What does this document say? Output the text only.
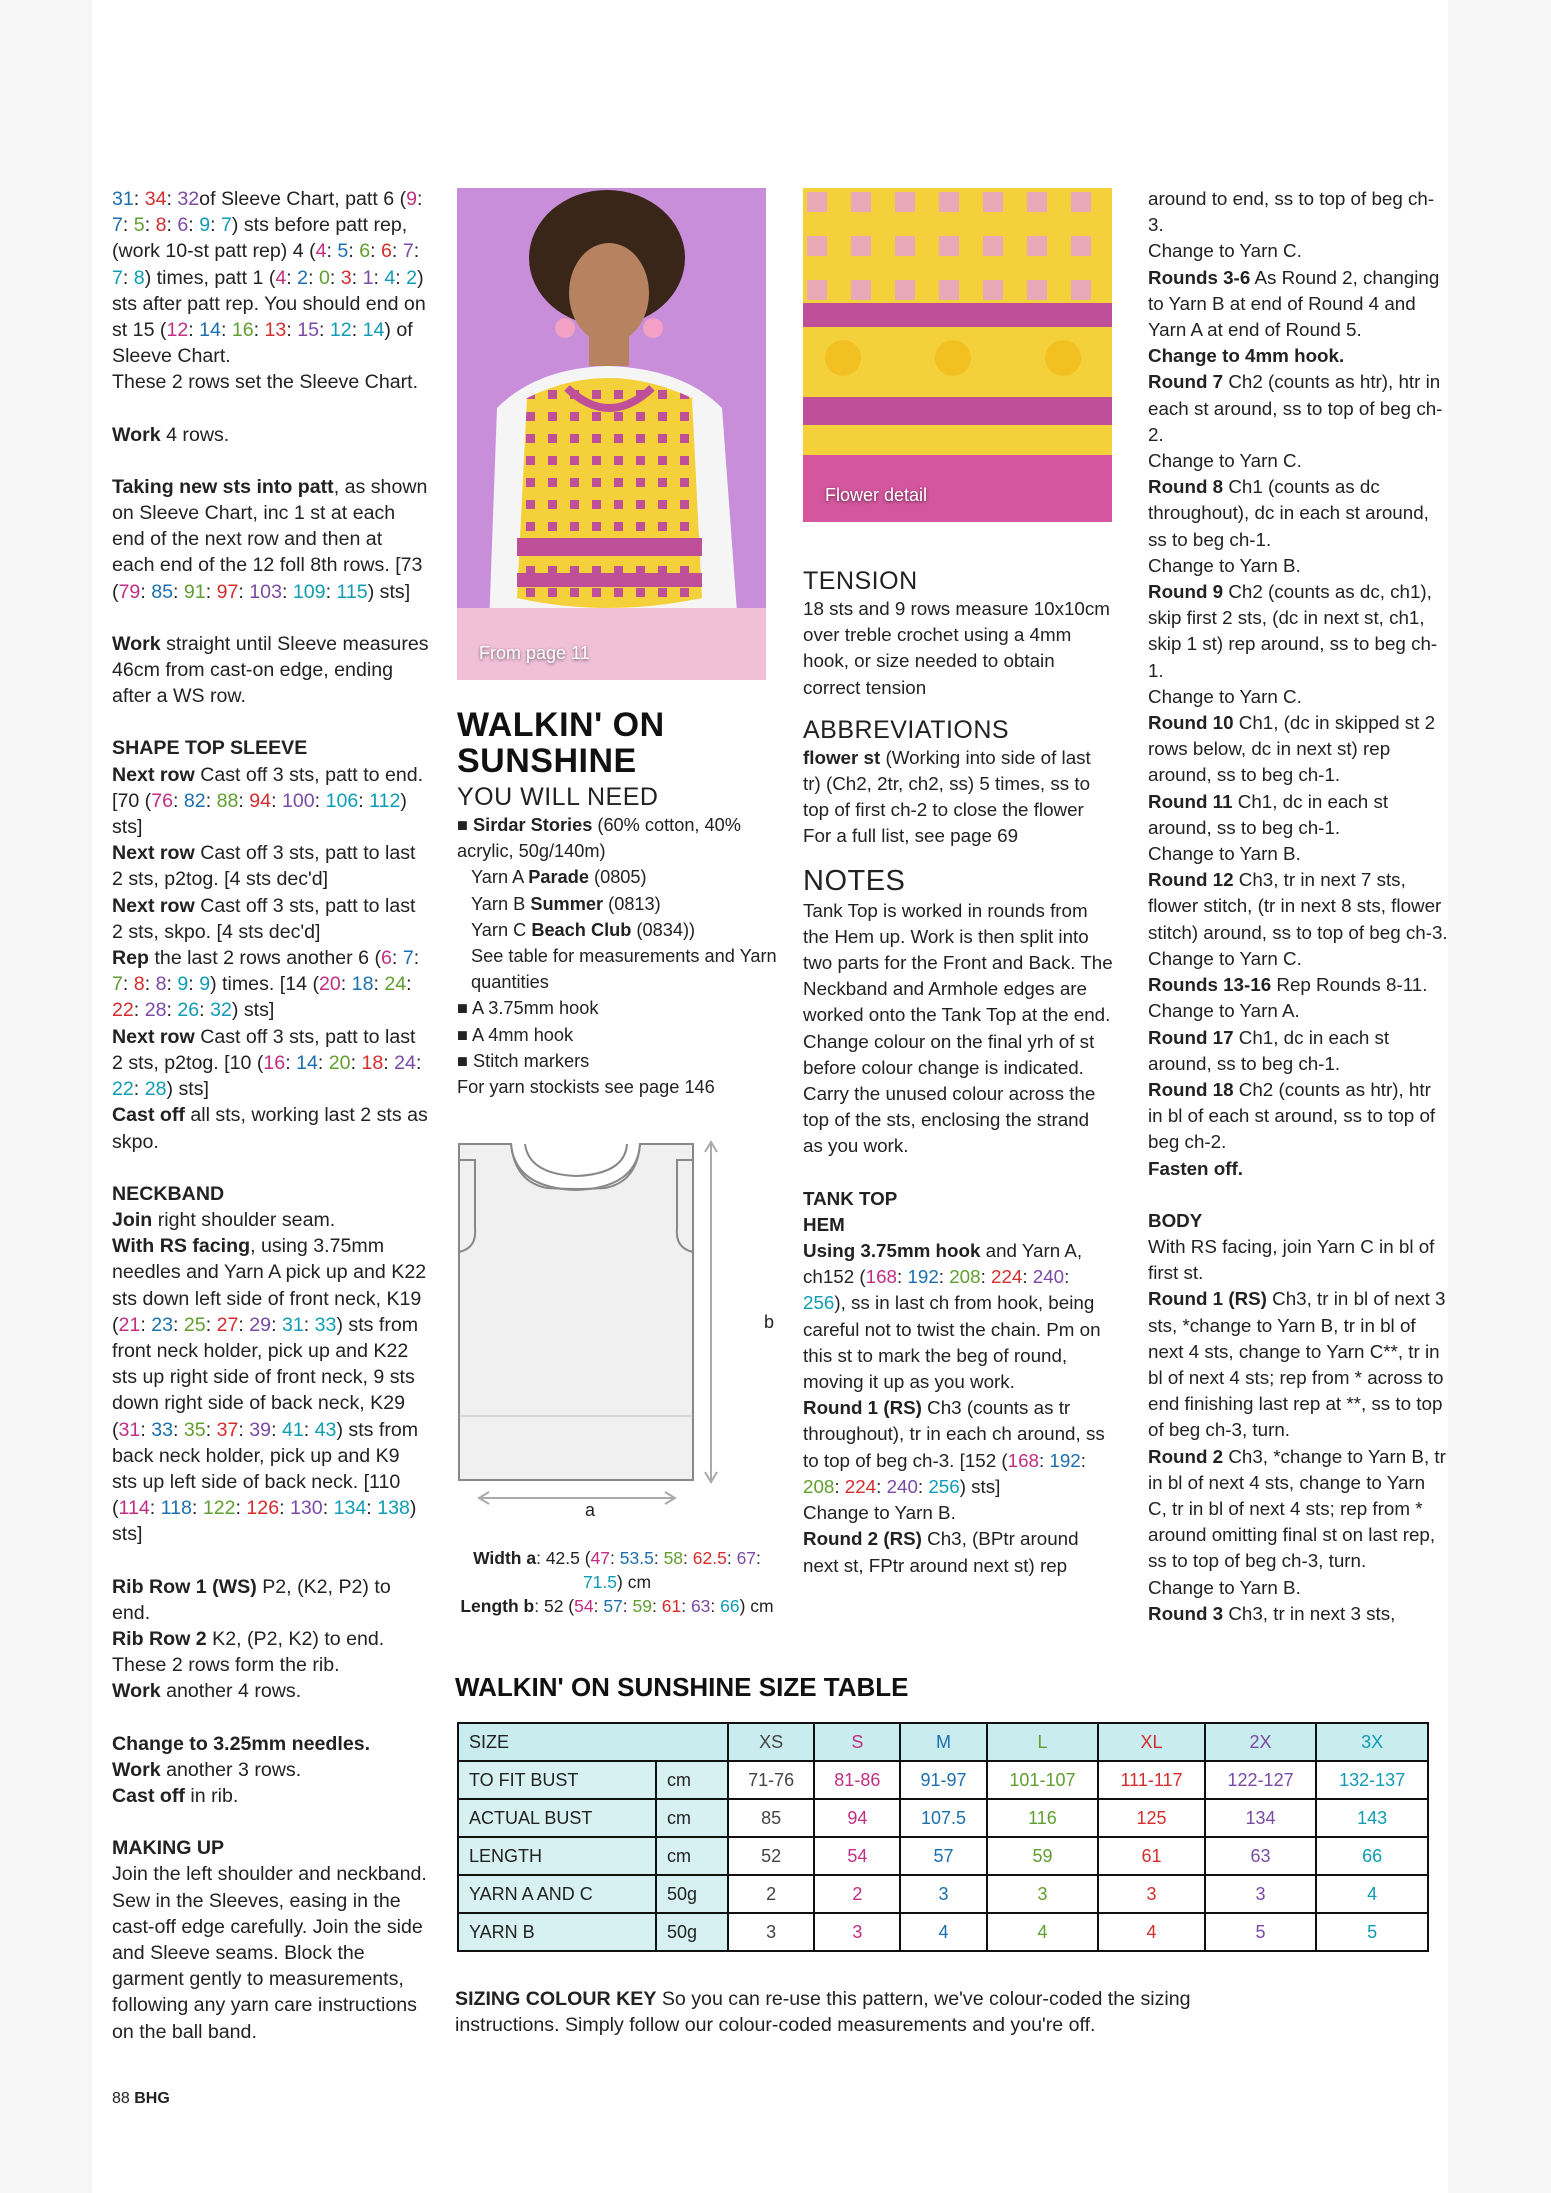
31: 34: 32of Sleeve Chart, patt 6 (9: 7: 5: 8: 6: 9: 7) sts before patt rep, (work 10-st patt rep) 4 (4: 5: 6: 6: 7: 7: 8) times, patt 1 (4: 2: 0: 3: 1: 4: 2) sts after patt rep. You should end on st 15 (12: 14: 16: 13: 15: 12: 14) of Sleeve Chart.

These 2 rows set the Sleeve Chart.

Work 4 rows.

Taking new sts into patt, as shown on Sleeve Chart, inc 1 st at each end of the next row and then at each end of the 12 foll 8th rows. [73 (79: 85: 91: 97: 103: 109: 115) sts]

Work straight until Sleeve measures 46cm from cast-on edge, ending after a WS row.

SHAPE TOP SLEEVE

Next row Cast off 3 sts, patt to end. [70 (76: 82: 88: 94: 100: 106: 112) sts]

Next row Cast off 3 sts, patt to last 2 sts, p2tog. [4 sts dec'd]

Next row Cast off 3 sts, patt to last 2 sts, skpo. [4 sts dec'd]

Rep the last 2 rows another 6 (6: 7: 7: 8: 8: 9: 9) times. [14 (20: 18: 24: 22: 28: 26: 32) sts]

Next row Cast off 3 sts, patt to last 2 sts, p2tog. [10 (16: 14: 20: 18: 24: 22: 28) sts]

Cast off all sts, working last 2 sts as skpo.

NECKBAND

Join right shoulder seam.

With RS facing, using 3.75mm needles and Yarn A pick up and K22 sts down left side of front neck, K19 (21: 23: 25: 27: 29: 31: 33) sts from front neck holder, pick up and K22 sts up right side of front neck, 9 sts down right side of back neck, K29 (31: 33: 35: 37: 39: 41: 43) sts from back neck holder, pick up and K9 sts up left side of back neck. [110 (114: 118: 122: 126: 130: 134: 138) sts]

Rib Row 1 (WS) P2, (K2, P2) to end.

Rib Row 2 K2, (P2, K2) to end.

These 2 rows form the rib.

Work another 4 rows.

Change to 3.25mm needles.

Work another 3 rows.

Cast off in rib.

MAKING UP

Join the left shoulder and neckband. Sew in the Sleeves, easing in the cast-off edge carefully. Join the side and Sleeve seams. Block the garment gently to measurements, following any yarn care instructions on the ball band.

From page 11
Flower detail
WALKIN' ON
SUNSHINE

YOU WILL NEED

■ Sirdar Stories (60% cotton, 40% acrylic, 50g/140m)

Yarn A Parade (0805)

Yarn B Summer (0813)

Yarn C Beach Club (0834))

See table for measurements and Yarn quantities

■ A 3.75mm hook

■ A 4mm hook

■ Stitch markers

For yarn stockists see page 146

b
a

Width a: 42.5 (47: 53.5: 58: 62.5: 67: 71.5) cm

Length b: 52 (54: 57: 59: 61: 63: 66) cm

TENSION

18 sts and 9 rows measure 10x10cm over treble crochet using a 4mm hook, or size needed to obtain correct tension

ABBREVIATIONS

flower st (Working into side of last tr) (Ch2, 2tr, ch2, ss) 5 times, ss to top of first ch-2 to close the flower

For a full list, see page 69

NOTES

Tank Top is worked in rounds from the Hem up. Work is then split into two parts for the Front and Back. The Neckband and Armhole edges are worked onto the Tank Top at the end.

Change colour on the final yrh of st before colour change is indicated. Carry the unused colour across the top of the sts, enclosing the strand as you work.

TANK TOP

HEM

Using 3.75mm hook and Yarn A, ch152 (168: 192: 208: 224: 240: 256), ss in last ch from hook, being careful not to twist the chain. Pm on this st to mark the beg of round, moving it up as you work.

Round 1 (RS) Ch3 (counts as tr throughout), tr in each ch around, ss to top of beg ch-3. [152 (168: 192: 208: 224: 240: 256) sts]

Change to Yarn B.

Round 2 (RS) Ch3, (BPtr around next st, FPtr around next st) rep

around to end, ss to top of beg ch-3.

Change to Yarn C.

Rounds 3-6 As Round 2, changing to Yarn B at end of Round 4 and Yarn A at end of Round 5.

Change to 4mm hook.

Round 7 Ch2 (counts as htr), htr in each st around, ss to top of beg ch-2.

Change to Yarn C.

Round 8 Ch1 (counts as dc throughout), dc in each st around, ss to beg ch-1.

Change to Yarn B.

Round 9 Ch2 (counts as dc, ch1), skip first 2 sts, (dc in next st, ch1, skip 1 st) rep around, ss to beg ch-1.

Change to Yarn C.

Round 10 Ch1, (dc in skipped st 2 rows below, dc in next st) rep around, ss to beg ch-1.

Round 11 Ch1, dc in each st around, ss to beg ch-1.

Change to Yarn B.

Round 12 Ch3, tr in next 7 sts, flower stitch, (tr in next 8 sts, flower stitch) around, ss to top of beg ch-3.

Change to Yarn C.

Rounds 13-16 Rep Rounds 8-11.

Change to Yarn A.

Round 17 Ch1, dc in each st around, ss to beg ch-1.

Round 18 Ch2 (counts as htr), htr in bl of each st around, ss to top of beg ch-2.

Fasten off.

BODY

With RS facing, join Yarn C in bl of first st.

Round 1 (RS) Ch3, tr in bl of next 3 sts, *change to Yarn B, tr in bl of next 4 sts, change to Yarn C**, tr in bl of next 4 sts; rep from * across to end finishing last rep at **, ss to top of beg ch-3, turn.

Round 2 Ch3, *change to Yarn B, tr in bl of next 4 sts, change to Yarn C, tr in bl of next 4 sts; rep from * around omitting final st on last rep, ss to top of beg ch-3, turn.

Change to Yarn B.

Round 3 Ch3, tr in next 3 sts,

WALKIN' ON SUNSHINE SIZE TABLE
SIZE		XS	S	M	L	XL	2X	3X
TO FIT BUST	cm	71-76	81-86	91-97	101-107	111-117	122-127	132-137
ACTUAL BUST	cm	85	94	107.5	116	125	134	143
LENGTH	cm	52	54	57	59	61	63	66
YARN A AND C	50g	2	2	3	3	3	3	4
YARN B	50g	3	3	4	4	4	5	5
SIZING COLOUR KEY So you can re-use this pattern, we've colour-coded the sizing instructions. Simply follow our colour-coded measurements and you're off.
88 BHG
